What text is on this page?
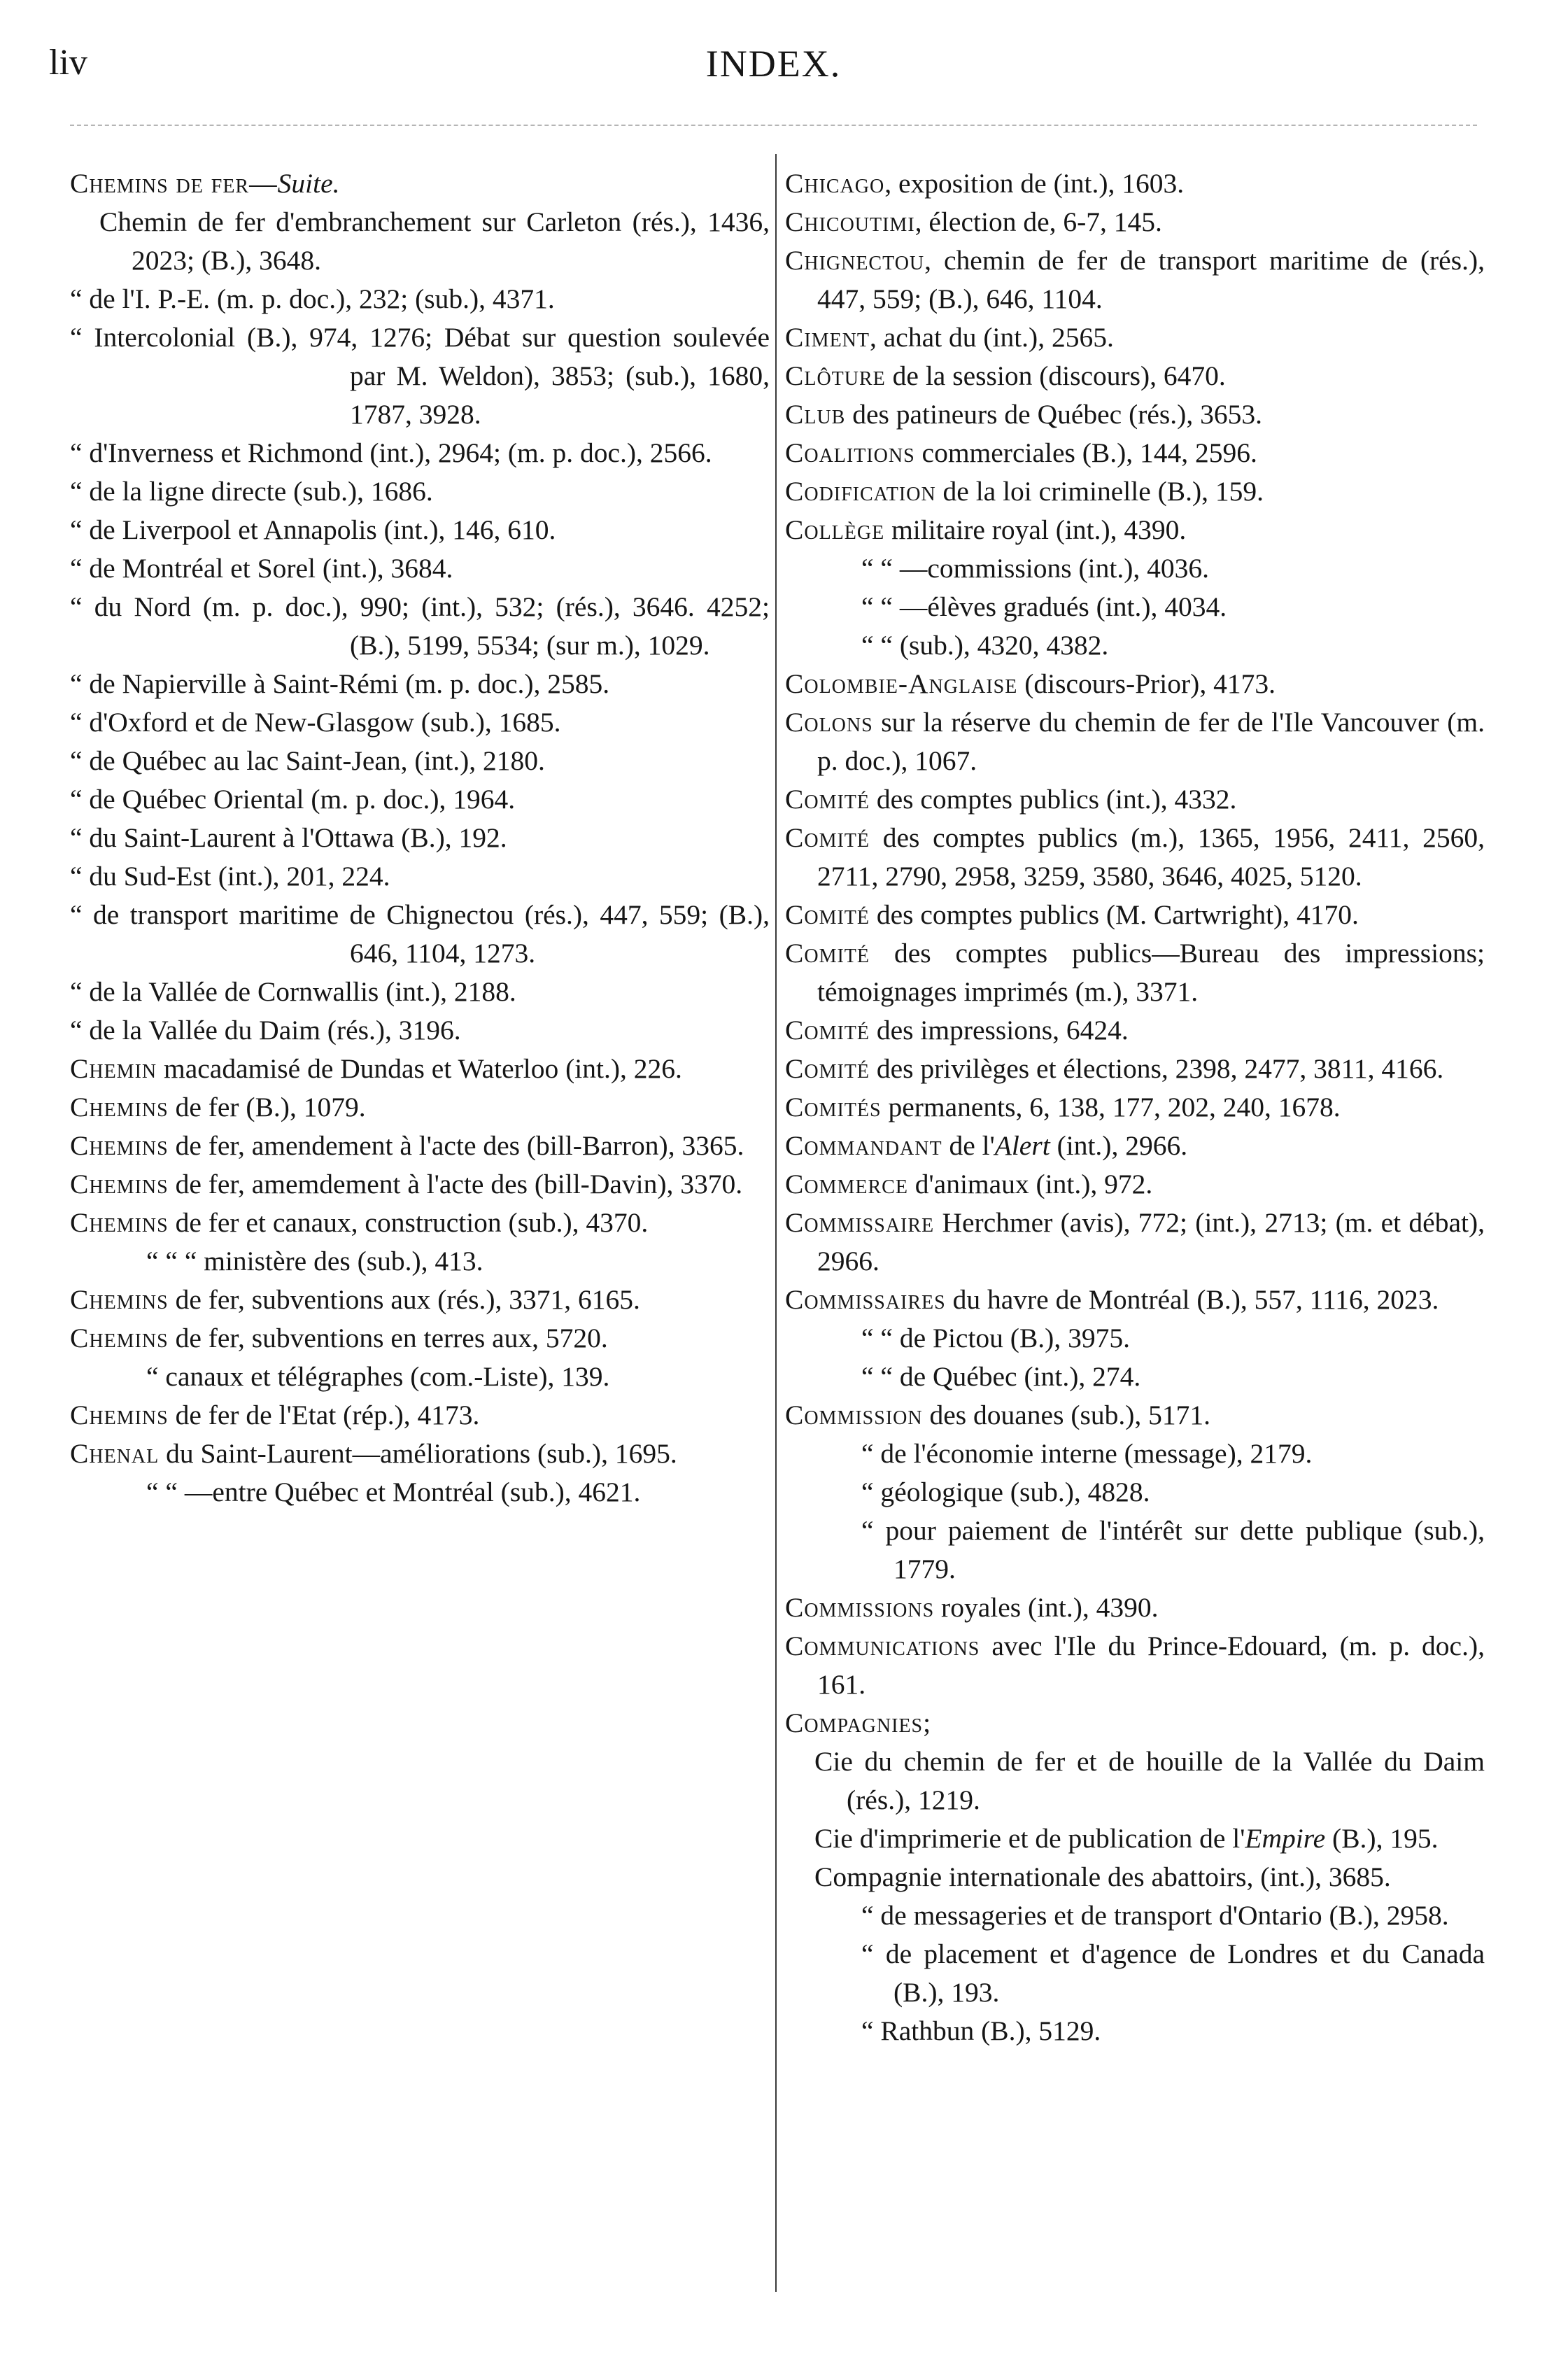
liv	INDEX.

Chemins de fer—Suite.

Chemin de fer d'embranchement sur Carleton (rés.), 1436, 2023; (B.), 3648.

“ de l'I. P.-E. (m. p. doc.), 232; (sub.), 4371.

“ Intercolonial (B.), 974, 1276; Débat sur question soulevée par M. Weldon), 3853; (sub.), 1680, 1787, 3928.

“ d'Inverness et Richmond (int.), 2964; (m. p. doc.), 2566.

“ de la ligne directe (sub.), 1686.

“ de Liverpool et Annapolis (int.), 146, 610.

“ de Montréal et Sorel (int.), 3684.

“ du Nord (m. p. doc.), 990; (int.), 532; (rés.), 3646. 4252; (B.), 5199, 5534; (sur m.), 1029.

“ de Napierville à Saint-Rémi (m. p. doc.), 2585.

“ d'Oxford et de New-Glasgow (sub.), 1685.

“ de Québec au lac Saint-Jean, (int.), 2180.

“ de Québec Oriental (m. p. doc.), 1964.

“ du Saint-Laurent à l'Ottawa (B.), 192.

“ du Sud-Est (int.), 201, 224.

“ de transport maritime de Chignectou (rés.), 447, 559; (B.), 646, 1104, 1273.

“ de la Vallée de Cornwallis (int.), 2188.

“ de la Vallée du Daim (rés.), 3196.

Chemin macadamisé de Dundas et Waterloo (int.), 226.

Chemins de fer (B.), 1079.

Chemins de fer, amendement à l'acte des (bill-Barron), 3365.

Chemins de fer, amemdement à l'acte des (bill-Davin), 3370.

Chemins de fer et canaux, construction (sub.), 4370.

“ “ “ ministère des (sub.), 413.

Chemins de fer, subventions aux (rés.), 3371, 6165.

Chemins de fer, subventions en terres aux, 5720.

“ canaux et télégraphes (com.-Liste), 139.

Chemins de fer de l'Etat (rép.), 4173.

Chenal du Saint-Laurent—améliorations (sub.), 1695.

“ “ —entre Québec et Montréal (sub.), 4621.

Chicago, exposition de (int.), 1603.

Chicoutimi, élection de, 6-7, 145.

Chignectou, chemin de fer de transport maritime de (rés.), 447, 559; (B.), 646, 1104.

Ciment, achat du (int.), 2565.

Clôture de la session (discours), 6470.

Club des patineurs de Québec (rés.), 3653.

Coalitions commerciales (B.), 144, 2596.

Codification de la loi criminelle (B.), 159.

Collège militaire royal (int.), 4390.

“ “ —commissions (int.), 4036.

“ “ —élèves gradués (int.), 4034.

“ “ (sub.), 4320, 4382.

Colombie-Anglaise (discours-Prior), 4173.

Colons sur la réserve du chemin de fer de l'Ile Vancouver (m. p. doc.), 1067.

Comité des comptes publics (int.), 4332.

Comité des comptes publics (m.), 1365, 1956, 2411, 2560, 2711, 2790, 2958, 3259, 3580, 3646, 4025, 5120.

Comité des comptes publics (M. Cartwright), 4170.

Comité des comptes publics—Bureau des impressions; témoignages imprimés (m.), 3371.

Comité des impressions, 6424.

Comité des privilèges et élections, 2398, 2477, 3811, 4166.

Comités permanents, 6, 138, 177, 202, 240, 1678.

Commandant de l'Alert (int.), 2966.

Commerce d'animaux (int.), 972.

Commissaire Herchmer (avis), 772; (int.), 2713; (m. et débat), 2966.

Commissaires du havre de Montréal (B.), 557, 1116, 2023.

“ “ de Pictou (B.), 3975.

“ “ de Québec (int.), 274.

Commission des douanes (sub.), 5171.

“ de l'économie interne (message), 2179.

“ géologique (sub.), 4828.

“ pour paiement de l'intérêt sur dette publique (sub.), 1779.

Commissions royales (int.), 4390.

Communications avec l'Ile du Prince-Edouard, (m. p. doc.), 161.

Compagnies;

Cie du chemin de fer et de houille de la Vallée du Daim (rés.), 1219.

Cie d'imprimerie et de publication de l'Empire (B.), 195.

Compagnie internationale des abattoirs, (int.), 3685.

“ de messageries et de transport d'Ontario (B.), 2958.

“ de placement et d'agence de Londres et du Canada (B.), 193.

“ Rathbun (B.), 5129.
